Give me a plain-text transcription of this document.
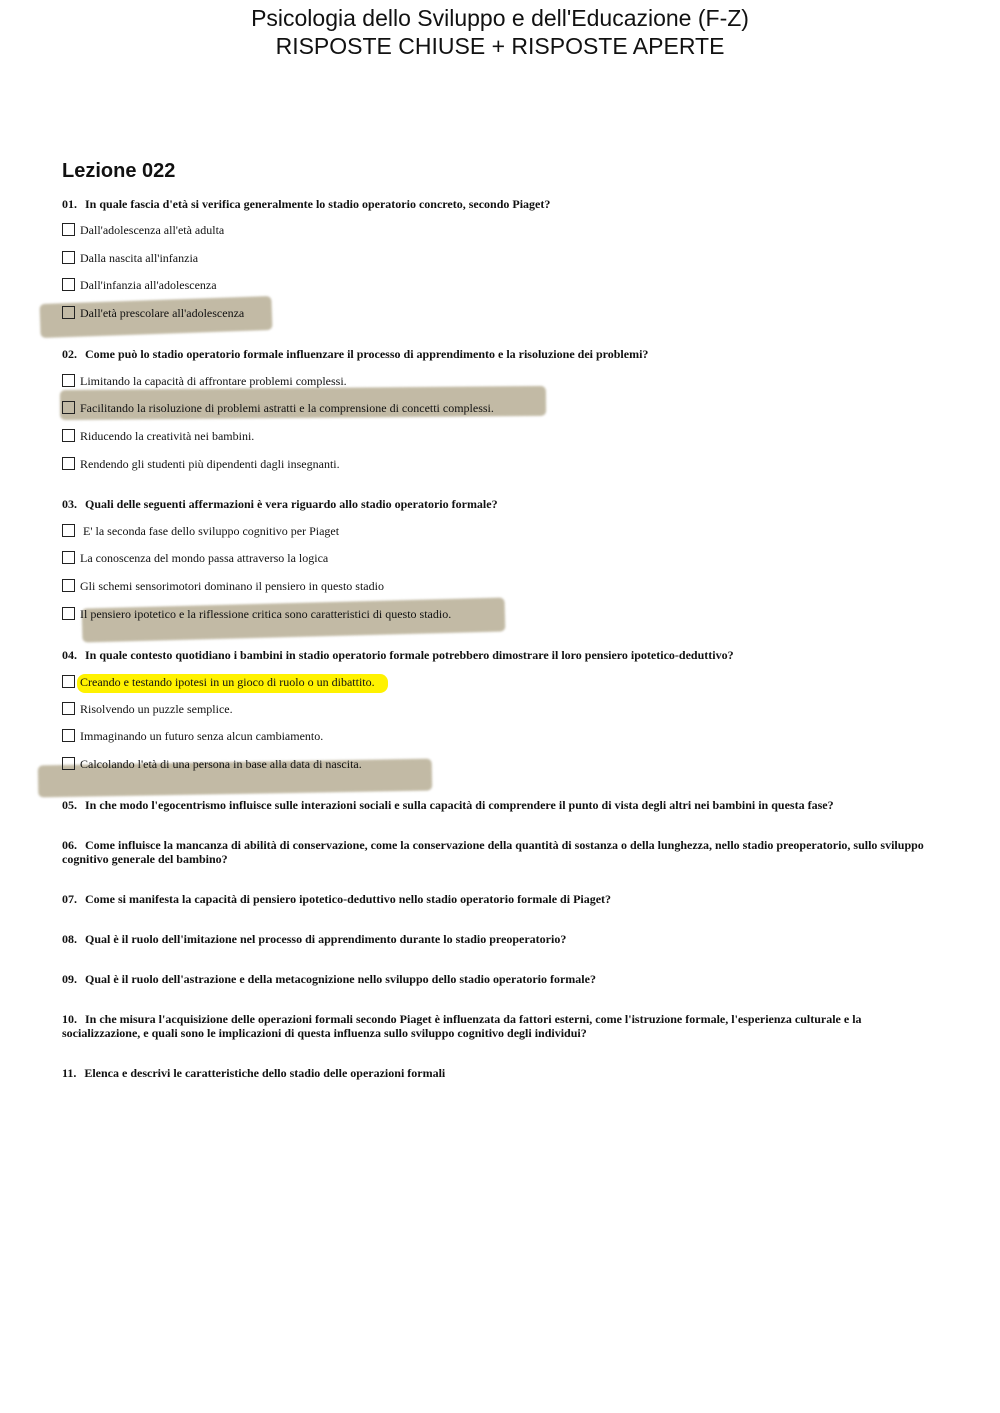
Psicologia dello Sviluppo e dell'Educazione (F-Z)
RISPOSTE CHIUSE + RISPOSTE APERTE
Lezione 022
01. In quale fascia d'età si verifica generalmente lo stadio operatorio concreto, secondo Piaget?
Dall'adolescenza all'età adulta
Dalla nascita all'infanzia
Dall'infanzia all'adolescenza
Dall'età prescolare all'adolescenza
02. Come può lo stadio operatorio formale influenzare il processo di apprendimento e la risoluzione dei problemi?
Limitando la capacità di affrontare problemi complessi.
Facilitando la risoluzione di problemi astratti e la comprensione di concetti complessi.
Riducendo la creatività nei bambini.
Rendendo gli studenti più dipendenti dagli insegnanti.
03. Quali delle seguenti affermazioni è vera riguardo allo stadio operatorio formale?
E' la seconda fase dello sviluppo cognitivo per Piaget
La conoscenza del mondo passa attraverso la logica
Gli schemi sensorimotori dominano il pensiero in questo stadio
Il pensiero ipotetico e la riflessione critica sono caratteristici di questo stadio.
04. In quale contesto quotidiano i bambini in stadio operatorio formale potrebbero dimostrare il loro pensiero ipotetico-deduttivo?
Creando e testando ipotesi in un gioco di ruolo o un dibattito.
Risolvendo un puzzle semplice.
Immaginando un futuro senza alcun cambiamento.
Calcolando l'età di una persona in base alla data di nascita.
05. In che modo l'egocentrismo influisce sulle interazioni sociali e sulla capacità di comprendere il punto di vista degli altri nei bambini in questa fase?
06. Come influisce la mancanza di abilità di conservazione, come la conservazione della quantità di sostanza o della lunghezza, nello stadio preoperatorio, sullo sviluppo cognitivo generale del bambino?
07. Come si manifesta la capacità di pensiero ipotetico-deduttivo nello stadio operatorio formale di Piaget?
08. Qual è il ruolo dell'imitazione nel processo di apprendimento durante lo stadio preoperatorio?
09. Qual è il ruolo dell'astrazione e della metacognizione nello sviluppo dello stadio operatorio formale?
10. In che misura l'acquisizione delle operazioni formali secondo Piaget è influenzata da fattori esterni, come l'istruzione formale, l'esperienza culturale e la socializzazione, e quali sono le implicazioni di questa influenza sullo sviluppo cognitivo degli individui?
11. Elenca e descrivi le caratteristiche dello stadio delle operazioni formali
